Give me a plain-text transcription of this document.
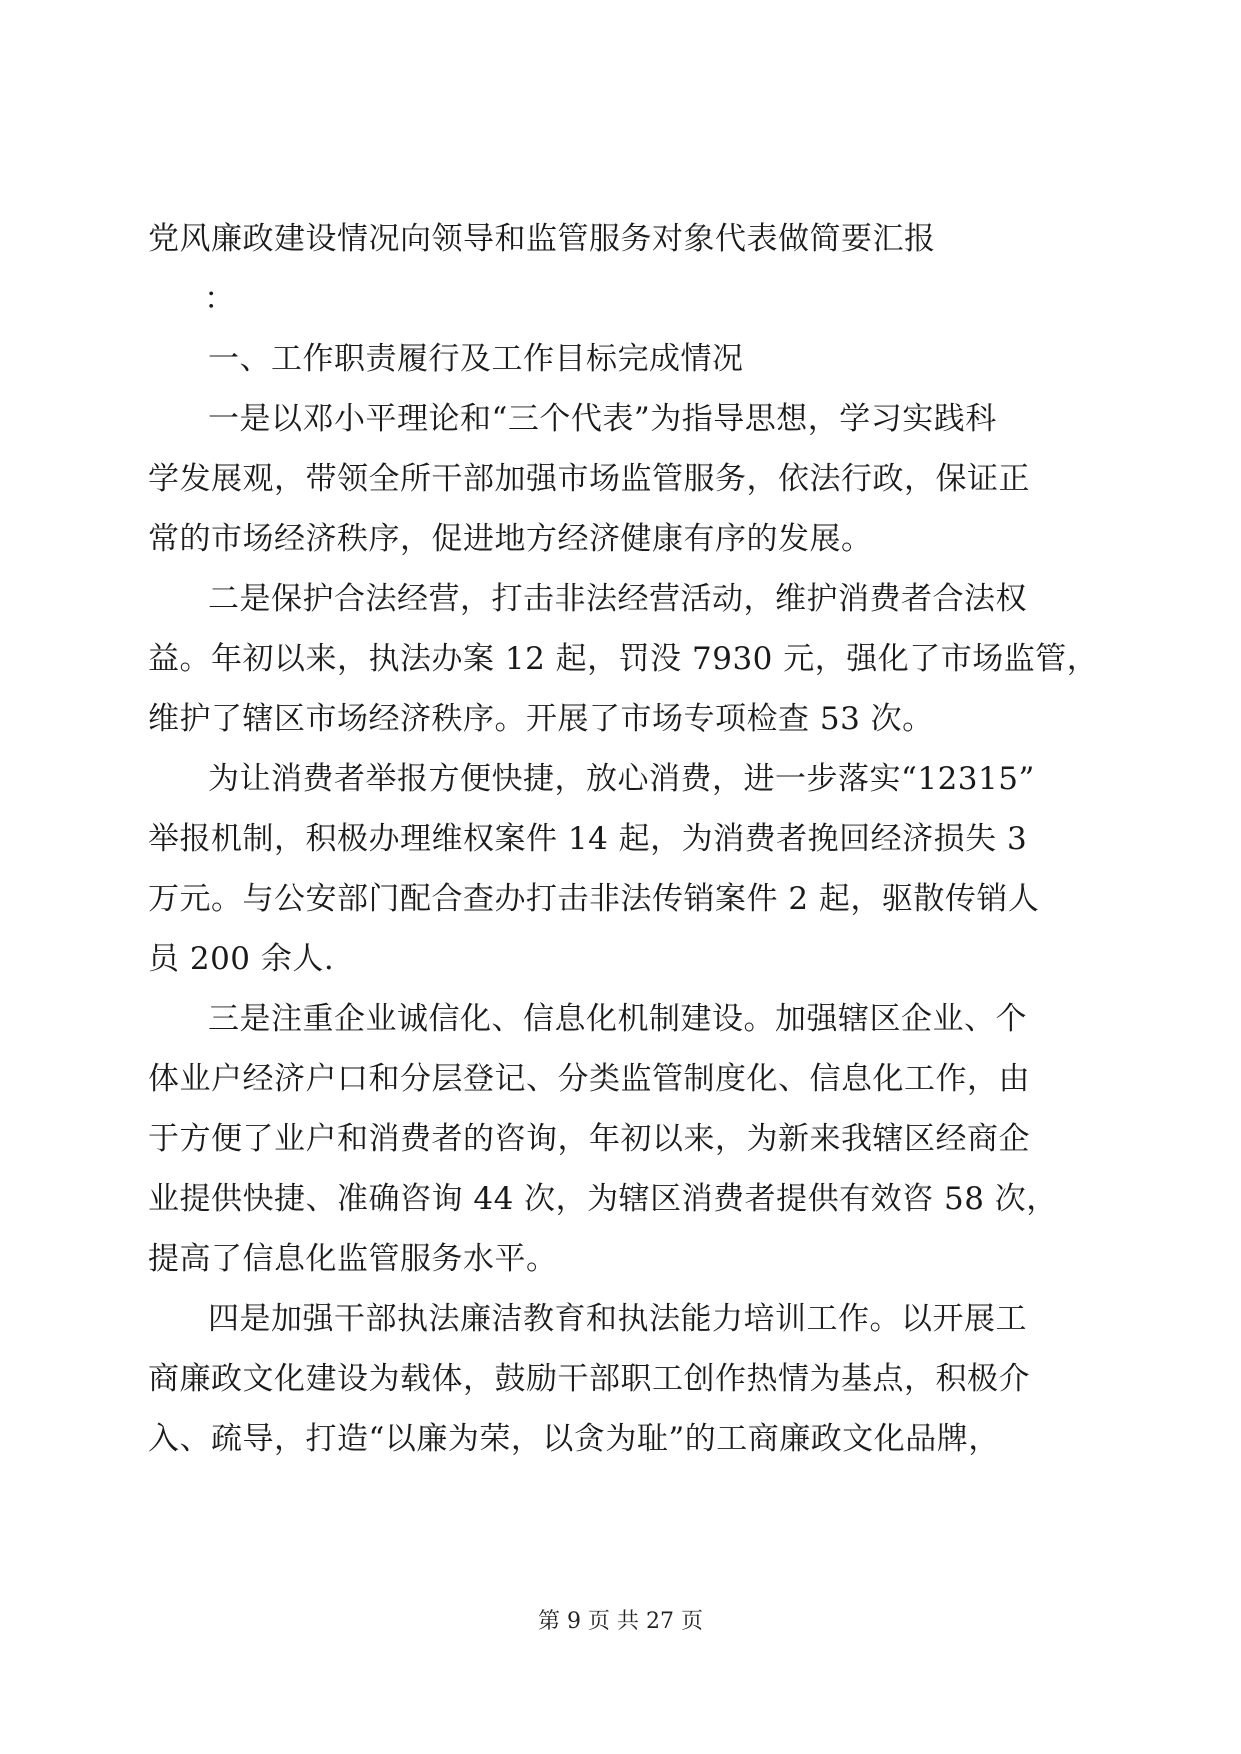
党风廉政建设情况向领导和监管服务对象代表做简要汇报
：
一、工作职责履行及工作目标完成情况
一是以邓小平理论和“三个代表”为指导思想，学习实践科
学发展观，带领全所干部加强市场监管服务，依法行政，保证正
常的市场经济秩序，促进地方经济健康有序的发展。
二是保护合法经营，打击非法经营活动，维护消费者合法权
益。年初以来，执法办案 12 起，罚没 7930 元，强化了市场监管，
维护了辖区市场经济秩序。开展了市场专项检查 53 次。
为让消费者举报方便快捷，放心消费，进一步落实“12315”
举报机制，积极办理维权案件 14 起，为消费者挽回经济损失 3
万元。与公安部门配合查办打击非法传销案件 2 起，驱散传销人
员 200 余人.
三是注重企业诚信化、信息化机制建设。加强辖区企业、个
体业户经济户口和分层登记、分类监管制度化、信息化工作，由
于方便了业户和消费者的咨询，年初以来，为新来我辖区经商企
业提供快捷、准确咨询 44 次，为辖区消费者提供有效咨 58 次，
提高了信息化监管服务水平。
四是加强干部执法廉洁教育和执法能力培训工作。以开展工
商廉政文化建设为载体，鼓励干部职工创作热情为基点，积极介
入、疏导，打造“以廉为荣，以贪为耻”的工商廉政文化品牌，
第 9 页 共 27 页
